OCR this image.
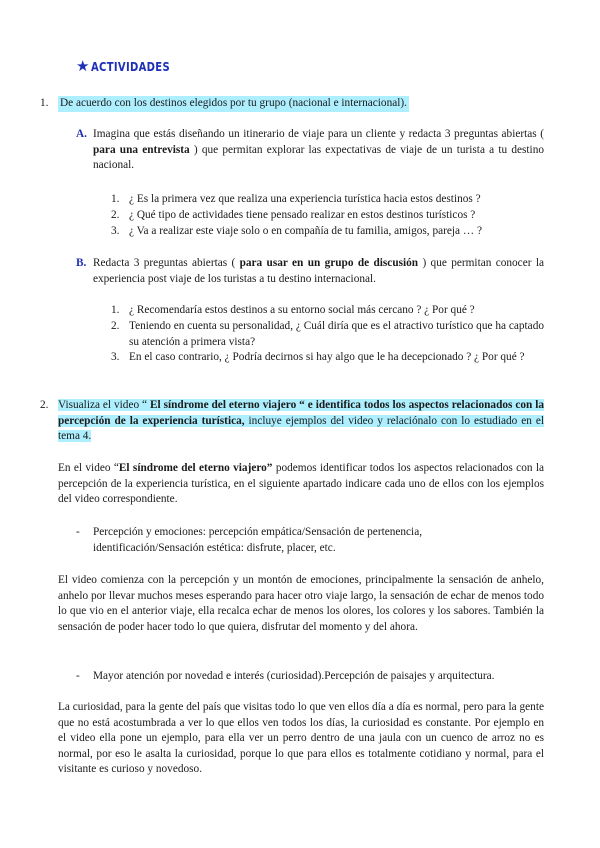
★ ACTIVIDADES
1. De acuerdo con los destinos elegidos por tu grupo (nacional e internacional).
A. Imagina que estás diseñando un itinerario de viaje para un cliente y redacta 3 preguntas abiertas ( para una entrevista ) que permitan explorar las expectativas de viaje de un turista a tu destino nacional.
1. ¿ Es la primera vez que realiza una experiencia turística hacia estos destinos ?
2. ¿ Qué tipo de actividades tiene pensado realizar en estos destinos turísticos ?
3. ¿ Va a realizar este viaje solo o en compañía de tu familia, amigos, pareja … ?
B. Redacta 3 preguntas abiertas ( para usar en un grupo de discusión ) que permitan conocer la experiencia post viaje de los turistas a tu destino internacional.
1. ¿ Recomendaría estos destinos a su entorno social más cercano ? ¿ Por qué ?
2. Teniendo en cuenta su personalidad, ¿ Cuál diría que es el atractivo turístico que ha captado su atención a primera vista?
3. En el caso contrario, ¿ Podría decirnos si hay algo que le ha decepcionado ? ¿ Por qué ?
2. Visualiza el video “ El síndrome del eterno viajero “ e identifica todos los aspectos relacionados con la percepción de la experiencia turística, incluye ejemplos del video y relaciónalo con lo estudiado en el tema 4.
En el video “El síndrome del eterno viajero” podemos identificar todos los aspectos relacionados con la percepción de la experiencia turística, en el siguiente apartado indicare cada uno de ellos con los ejemplos del video correspondiente.
- Percepción y emociones: percepción empática/Sensación de pertenencia, identificación/Sensación estética: disfrute, placer, etc.
El video comienza con la percepción y un montón de emociones, principalmente la sensación de anhelo, anhelo por llevar muchos meses esperando para hacer otro viaje largo, la sensación de echar de menos todo lo que vio en el anterior viaje, ella recalca echar de menos los olores, los colores y los sabores. También la sensación de poder hacer todo lo que quiera, disfrutar del momento y del ahora.
- Mayor atención por novedad e interés (curiosidad).Percepción de paisajes y arquitectura.
La curiosidad, para la gente del país que visitas todo lo que ven ellos día a día es normal, pero para la gente que no está acostumbrada a ver lo que ellos ven todos los días, la curiosidad es constante. Por ejemplo en el video ella pone un ejemplo, para ella ver un perro dentro de una jaula con un cuenco de arroz no es normal, por eso le asalta la curiosidad, porque lo que para ellos es totalmente cotidiano y normal, para el visitante es curioso y novedoso.
